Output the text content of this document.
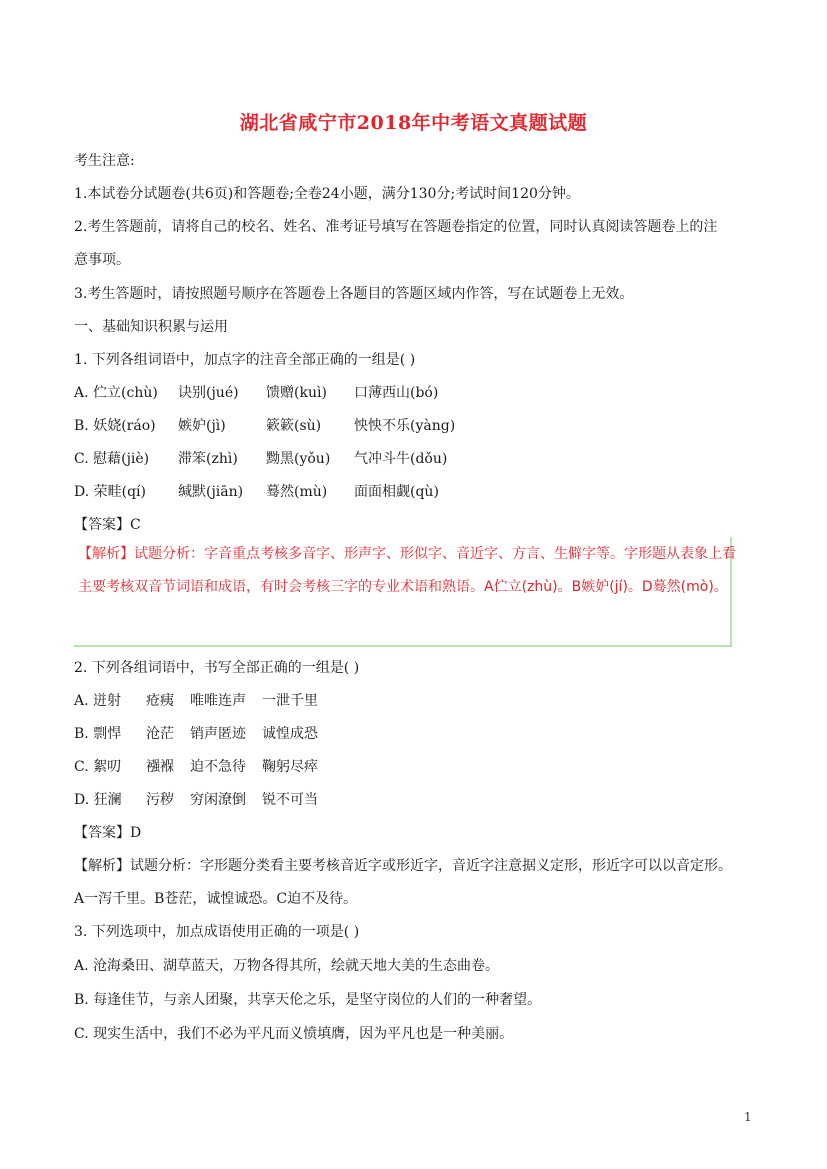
湖北省咸宁市2018年中考语文真题试题
考生注意:
1.本试卷分试题卷(共6页)和答题卷;全卷24小题，满分130分;考试时间120分钟。
2.考生答题前，请将自己的校名、姓名、准考证号填写在答题卷指定的位置，同时认真阅读答题卷上的注
意事项。
3.考生答题时，请按照题号顺序在答题卷上各题目的答题区域内作答，写在试题卷上无效。
一、基础知识积累与运用
1. 下列各组词语中，加点字的注音全部正确的一组是( )
A. 伫立(chù) 诀别(jué) 馈赠(kuì) 口薄西山(bó)
B. 妖娆(ráo) 嫉妒(jì)	簌簌(sù) 怏怏不乐(yàng)
C. 慰藉(jiè) 滞笨(zhì) 黝黑(yǒu) 气冲斗牛(dǒu)
D. 荣畦(qí) 缄默(jiān) 蓦然(mù) 面面相觑(qù)
【答案】C
【解析】试题分析：字音重点考核多音字、形声字、形似字、音近字、方言、生僻字等。字形题从表象上看主要考核双音节词语和成语，有时会考核三字的专业术语和熟语。A伫立(zhù)。B嫉妒(jí)。D蓦然(mò)。
2. 下列各组词语中，书写全部正确的一组是( )
A. 迸射 疮痍 唯唯连声 一泄千里
B. 剽悍 沧茫 销声匿迹 诚惶成恐
C. 絮叨 襁褓 迫不急待 鞠躬尽瘁
D. 狂澜 污秽 穷闲潦倒 锐不可当
【答案】D
【解析】试题分析：字形题分类看主要考核音近字或形近字，音近字注意据义定形，形近字可以以音定形。
A一泻千里。B苍茫，诚惶诚恐。C迫不及待。
3. 下列选项中，加点成语使用正确的一项是( )
A. 沧海桑田、湖草蓝天，万物各得其所，绘就天地大美的生态曲卷。
B. 每逢佳节，与亲人团聚，共享天伦之乐，是坚守岗位的人们的一种奢望。
C. 现实生活中，我们不必为平凡而义愤填膺，因为平凡也是一种美丽。
1
